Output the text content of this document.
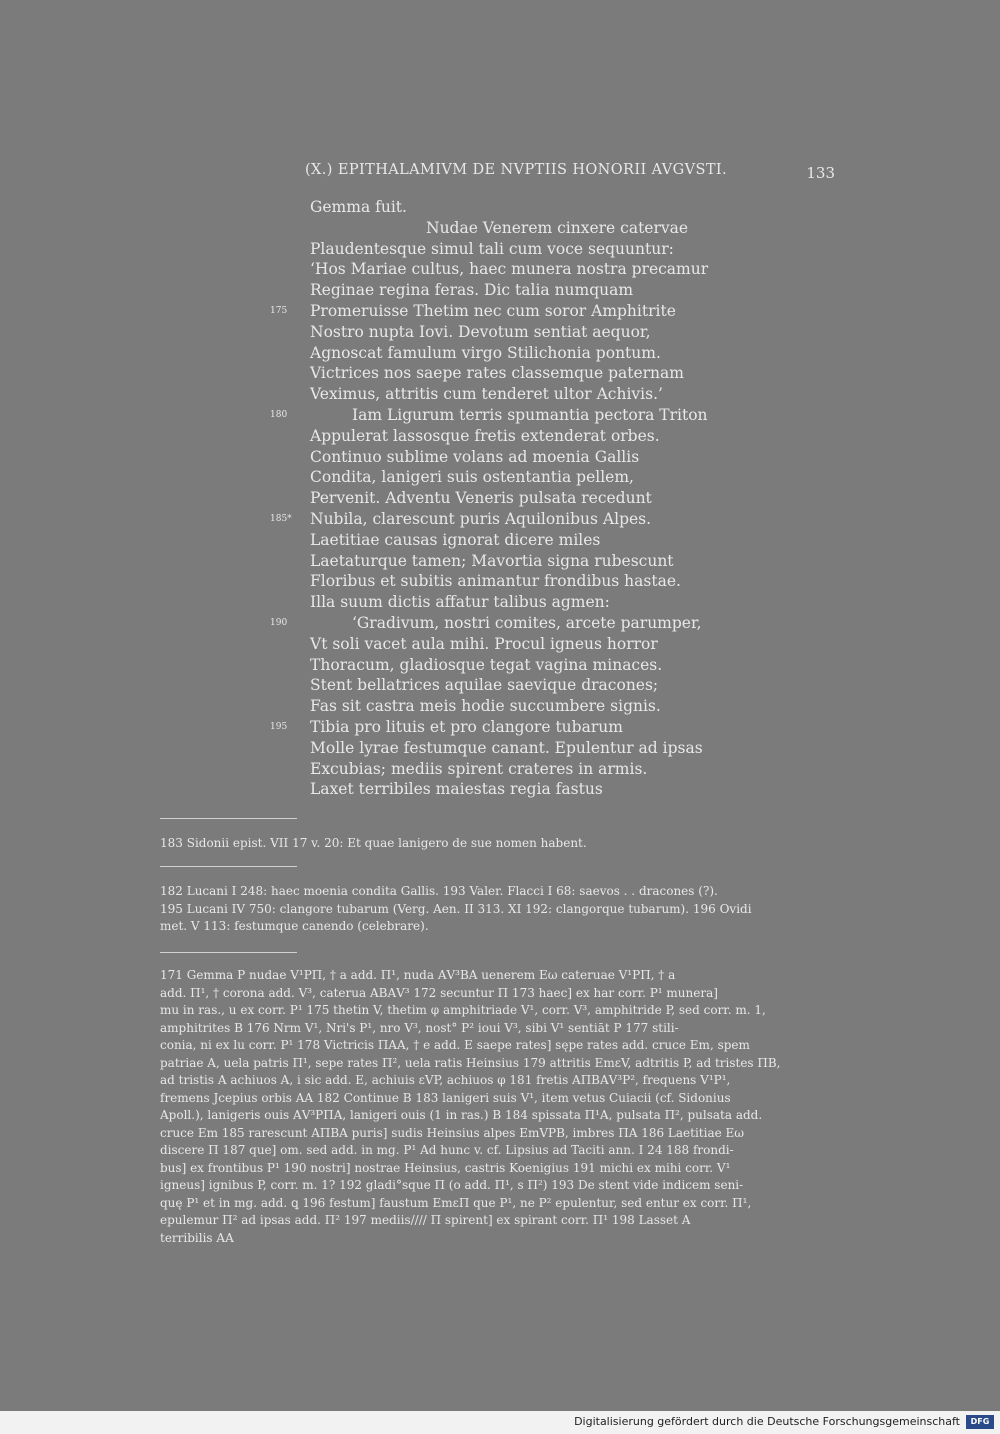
(X.) EPITHALAMIVM DE NVPTIIS HONORII AVGVSTI.	133
Gemma fuit.
Nudae Venerem cinxere catervae
Plaudentesque simul tali cum voce sequuntur:
‘Hos Mariae cultus, haec munera nostra precamur
Reginae regina feras. Dic talia numquam
175	Promeruisse Thetim nec cum soror Amphitrite
Nostro nupta Iovi. Devotum sentiat aequor,
Agnoscat famulum virgo Stilichonia pontum.
Victrices nos saepe rates classemque paternam
Veximus, attritis cum tenderet ultor Achivis.’
180	Iam Ligurum terris spumantia pectora Triton
Appulerat lassosque fretis extenderat orbes.
Continuo sublime volans ad moenia Gallis
Condita, lanigeri suis ostentantia pellem,
Pervenit. Adventu Veneris pulsata recedunt
185*	Nubila, clarescunt puris Aquilonibus Alpes.
Laetitiae causas ignorat dicere miles
Laetaturque tamen; Mavortia signa rubescunt
Floribus et subitis animantur frondibus hastae.
Illa suum dictis affatur talibus agmen:
190	‘Gradivum, nostri comites, arcete parumper,
Vt soli vacet aula mihi. Procul igneus horror
Thoracum, gladiosque tegat vagina minaces.
Stent bellatrices aquilae saevique dracones;
Fas sit castra meis hodie succumbere signis.
195	Tibia pro lituis et pro clangore tubarum
Molle lyrae festumque canant. Epulentur ad ipsas
Excubias; mediis spirent crateres in armis.
Laxet terribiles maiestas regia fastus
183 Sidonii epist. VII 17 v. 20: Et quae lanigero de sue nomen habent.
182 Lucani I 248: haec moenia condita Gallis. 193 Valer. Flacci I 68: saevos . . dracones (?).
195 Lucani IV 750: clangore tubarum (Verg. Aen. II 313. XI 192: clangorque tubarum). 196 Ovidi
met. V 113: festumque canendo (celebrare).
171 Gemma P nudae V¹PΠ, † a add. Π¹, nuda ΑV³ΒΑ uenerem Εω cateruae V¹PΠ, † a
add. Π¹, † corona add. V³, caterua ΑΒΑV³ 172 secuntur Π 173 haec] ex har corr. P¹ munera]
mu in ras., u ex corr. P¹ 175 thetin V, thetim φ amphitriade V¹, corr. V³, amphitride P, sed corr. m. 1,
amphitrites Β 176 Nrm V¹, Nri's P¹, nro V³, nost° P² ioui V³, sibi V¹ sentiāt P 177 stili-
conia, ni ex lu corr. P¹ 178 Victricis ΠΑΑ, † e add. Ε saepe rates] sępe rates add. cruce Em, spem
patriae Α, uela patris Π¹, sepe rates Π², uela ratis Heinsius 179 attritis EmεV, adtritis P, ad tristes ΠΒ,
ad tristis Α achiuos Α, i sic add. Ε, achiuis εVP, achiuos φ 181 fretis ΑΠΒΑV³P², frequens V¹P¹,
fremens Jcepius orbis ΑΑ 182 Continue Β 183 lanigeri suis V¹, item vetus Cuiacii (cf. Sidonius
Apoll.), lanigeris ouis ΑV³PΠΑ, lanigeri ouis (1 in ras.) Β 184 spissata Π¹Α, pulsata Π², pulsata add.
cruce Em 185 rarescunt ΑΠΒΑ puris] sudis Heinsius alpes EmVPΒ, imbres ΠΑ 186 Laetitiae Εω
discere Π 187 que] om. sed add. in mg. P¹ Ad hunc v. cf. Lipsius ad Taciti ann. I 24 188 frondi-
bus] ex frontibus P¹ 190 nostri] nostrae Heinsius, castris Koenigius 191 michi ex mihi corr. V¹
igneus] ignibus P, corr. m. 1? 192 gladi°sque Π (o add. Π¹, s Π²) 193 De stent vide indicem seni-
quę P¹ et in mg. add. ꝗ 196 festum] faustum EmεΠ que P¹, ne P² epulentur, sed entur ex corr. Π¹,
epulemur Π² ad ipsas add. Π² 197 mediis//// Π spirent] ex spirant corr. Π¹ 198 Lasset Α
terribilis ΑΑ
Digitalisierung gefördert durch die Deutsche Forschungsgemeinschaft	DFG
